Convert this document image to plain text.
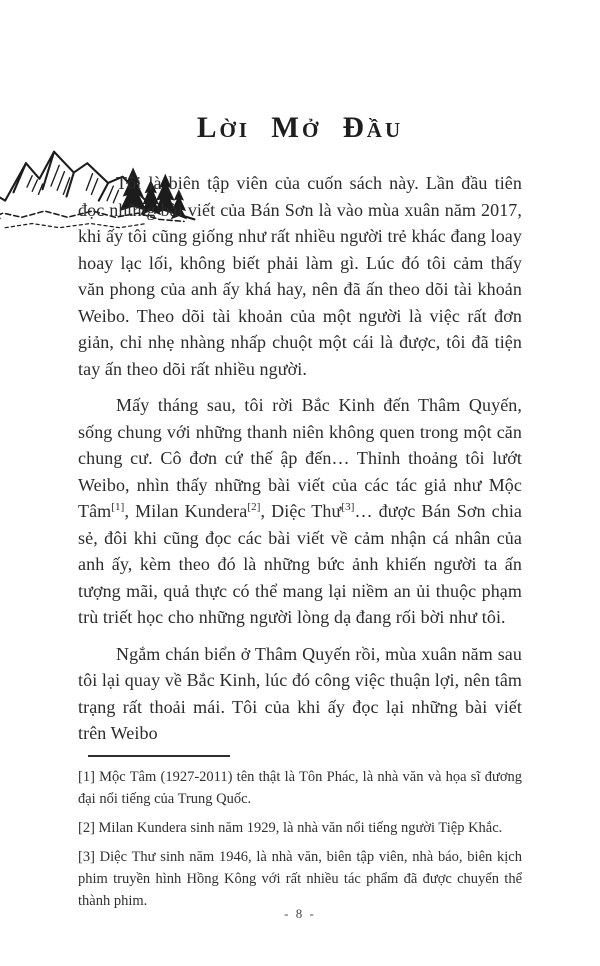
LỜI MỞ ĐẦU

Tôi là biên tập viên của cuốn sách này. Lần đầu tiên đọc những bài viết của Bán Sơn là vào mùa xuân năm 2017, khi ấy tôi cũng giống như rất nhiều người trẻ khác đang loay hoay lạc lối, không biết phải làm gì. Lúc đó tôi cảm thấy văn phong của anh ấy khá hay, nên đã ấn theo dõi tài khoản Weibo. Theo dõi tài khoản của một người là việc rất đơn giản, chỉ nhẹ nhàng nhấp chuột một cái là được, tôi đã tiện tay ấn theo dõi rất nhiều người.

Mấy tháng sau, tôi rời Bắc Kinh đến Thâm Quyến, sống chung với những thanh niên không quen trong một căn chung cư. Cô đơn cứ thế ập đến… Thỉnh thoảng tôi lướt Weibo, nhìn thấy những bài viết của các tác giả như Mộc Tâm[1], Milan Kundera[2], Diệc Thư[3]… được Bán Sơn chia sẻ, đôi khi cũng đọc các bài viết về cảm nhận cá nhân của anh ấy, kèm theo đó là những bức ảnh khiến người ta ấn tượng mãi, quả thực có thể mang lại niềm an ủi thuộc phạm trù triết học cho những người lòng dạ đang rối bời như tôi.

Ngắm chán biển ở Thâm Quyến rồi, mùa xuân năm sau tôi lại quay về Bắc Kinh, lúc đó công việc thuận lợi, nên tâm trạng rất thoải mái. Tôi của khi ấy đọc lại những bài viết trên Weibo

[1] Mộc Tâm (1927-2011) tên thật là Tôn Phác, là nhà văn và họa sĩ đương đại nổi tiếng của Trung Quốc.

[2] Milan Kundera sinh năm 1929, là nhà văn nổi tiếng người Tiệp Khắc.

[3] Diệc Thư sinh năm 1946, là nhà văn, biên tập viên, nhà báo, biên kịch phim truyền hình Hồng Kông với rất nhiều tác phẩm đã được chuyển thể thành phim.

- 8 -
